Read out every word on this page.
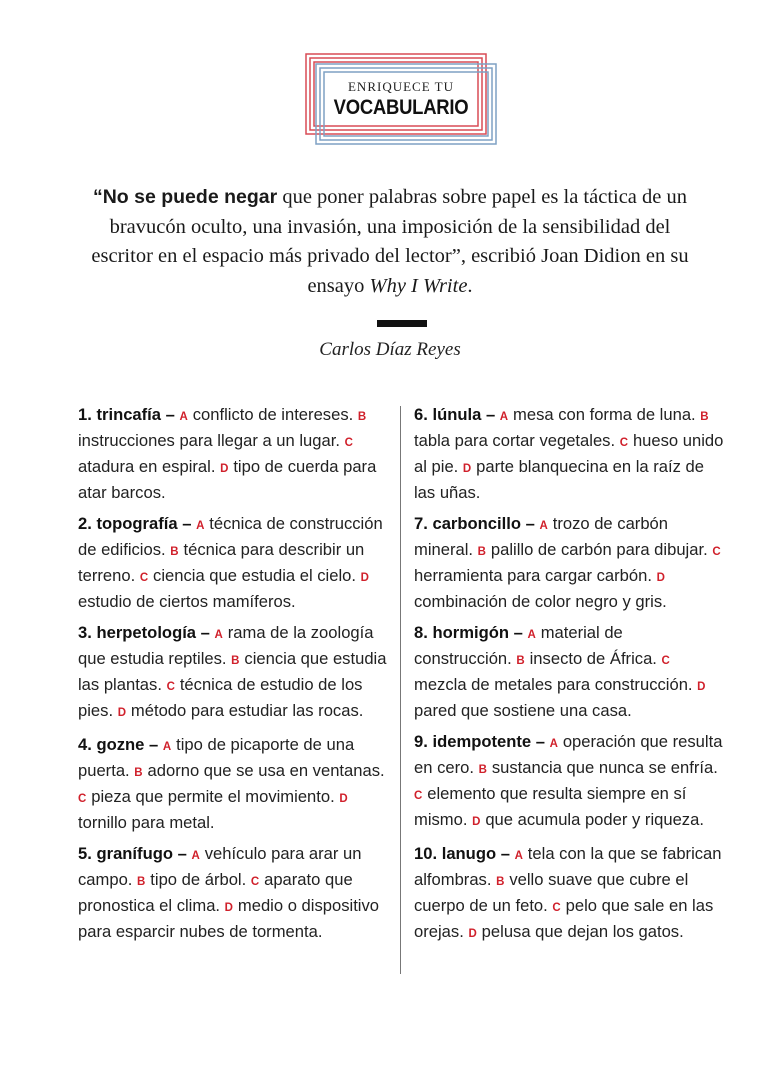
ENRIQUECE TU
VOCABULARIO
“No se puede negar que poner palabras sobre papel es la táctica de un bravucón oculto, una invasión, una imposición de la sensibilidad del escritor en el espacio más privado del lector”, escribió Joan Didion en su ensayo Why I Write.
Carlos Díaz Reyes
1. trincafía – A conflicto de intereses. B instrucciones para llegar a un lugar. C atadura en espiral. D tipo de cuerda para atar barcos.
2. topografía – A técnica de construcción de edificios. B técnica para describir un terreno. C ciencia que estudia el cielo. D estudio de ciertos mamíferos.
3. herpetología – A rama de la zoología que estudia reptiles. B ciencia que estudia las plantas. C técnica de estudio de los pies. D método para estudiar las rocas.
4. gozne – A tipo de picaporte de una puerta. B adorno que se usa en ventanas. C pieza que permite el movimiento. D tornillo para metal.
5. granífugo – A vehículo para arar un campo. B tipo de árbol. C aparato que pronostica el clima. D medio o dispositivo para esparcir nubes de tormenta.
6. lúnula – A mesa con forma de luna. B tabla para cortar vegetales. C hueso unido al pie. D parte blanquecina en la raíz de las uñas.
7. carboncillo – A trozo de carbón mineral. B palillo de carbón para dibujar. C herramienta para cargar carbón. D combinación de color negro y gris.
8. hormigón – A material de construcción. B insecto de África. C mezcla de metales para construcción. D pared que sostiene una casa.
9. idempotente – A operación que resulta en cero. B sustancia que nunca se enfría. C elemento que resulta siempre en sí mismo. D que acumula poder y riqueza.
10. lanugo – A tela con la que se fabrican alfombras. B vello suave que cubre el cuerpo de un feto. C pelo que sale en las orejas. D pelusa que dejan los gatos.
